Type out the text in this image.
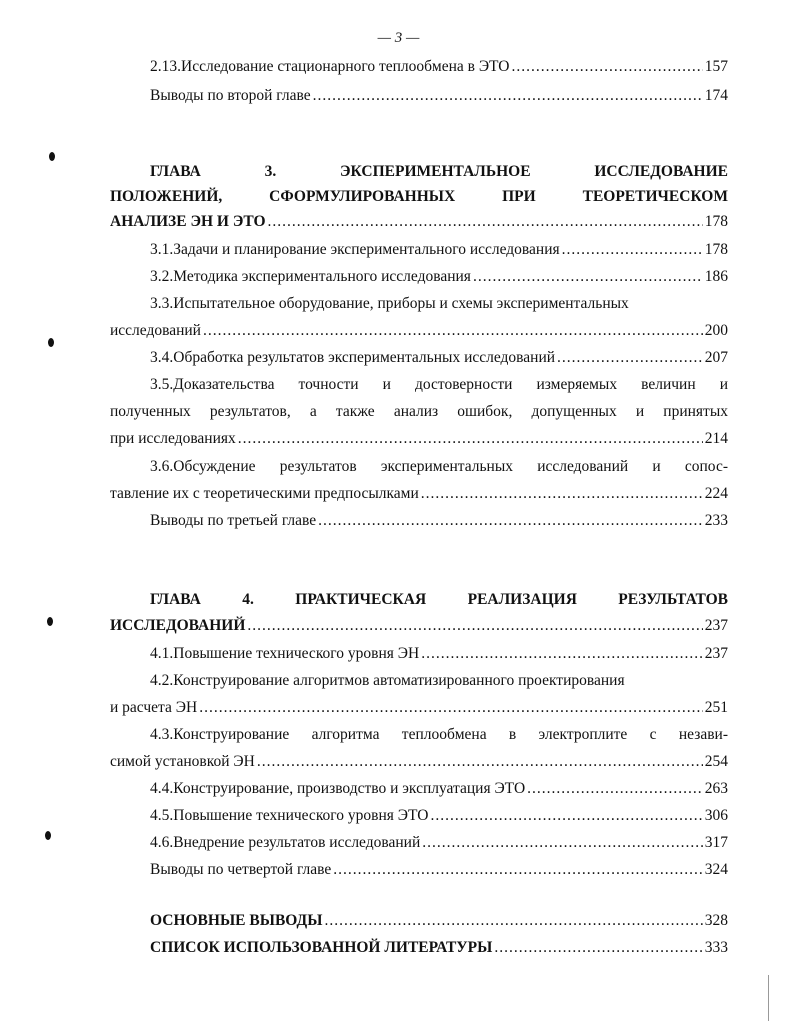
— 3 —
2.13.Исследование стационарного теплообмена в ЭТО .....	157
Выводы по второй главе .....	174
ГЛАВА 3. ЭКСПЕРИМЕНТАЛЬНОЕ ИССЛЕДОВАНИЕ
ПОЛОЖЕНИЙ, СФОРМУЛИРОВАННЫХ ПРИ ТЕОРЕТИЧЕСКОМ
АНАЛИЗЕ ЭН И ЭТО .....	178
3.1.Задачи и планирование экспериментального исследования .....	178
3.2.Методика экспериментального исследования .....	186
3.3.Испытательное оборудование, приборы и схемы экспериментальных
исследований .....	200
3.4.Обработка результатов экспериментальных исследований .....	207
3.5.Доказательства точности и достоверности измеряемых величин и
полученных результатов, а также анализ ошибок, допущенных и принятых
при исследованиях .....	214
3.6.Обсуждение результатов экспериментальных исследований и сопос-
тавление их с теоретическими предпосылками .....	224
Выводы по третьей главе .....	233
ГЛАВА 4. ПРАКТИЧЕСКАЯ РЕАЛИЗАЦИЯ РЕЗУЛЬТАТОВ
ИССЛЕДОВАНИЙ .....	237
4.1.Повышение технического уровня ЭН .....	237
4.2.Конструирование алгоритмов автоматизированного проектирования
и расчета ЭН .....	251
4.3.Конструирование алгоритма теплообмена в электроплите с незави-
симой установкой ЭН .....	254
4.4.Конструирование, производство и эксплуатация ЭТО .....	263
4.5.Повышение технического уровня ЭТО .....	306
4.6.Внедрение результатов исследований .....	317
Выводы по четвертой главе .....	324
ОСНОВНЫЕ ВЫВОДЫ .....	328
СПИСОК ИСПОЛЬЗОВАННОЙ ЛИТЕРАТУРЫ .....	333
